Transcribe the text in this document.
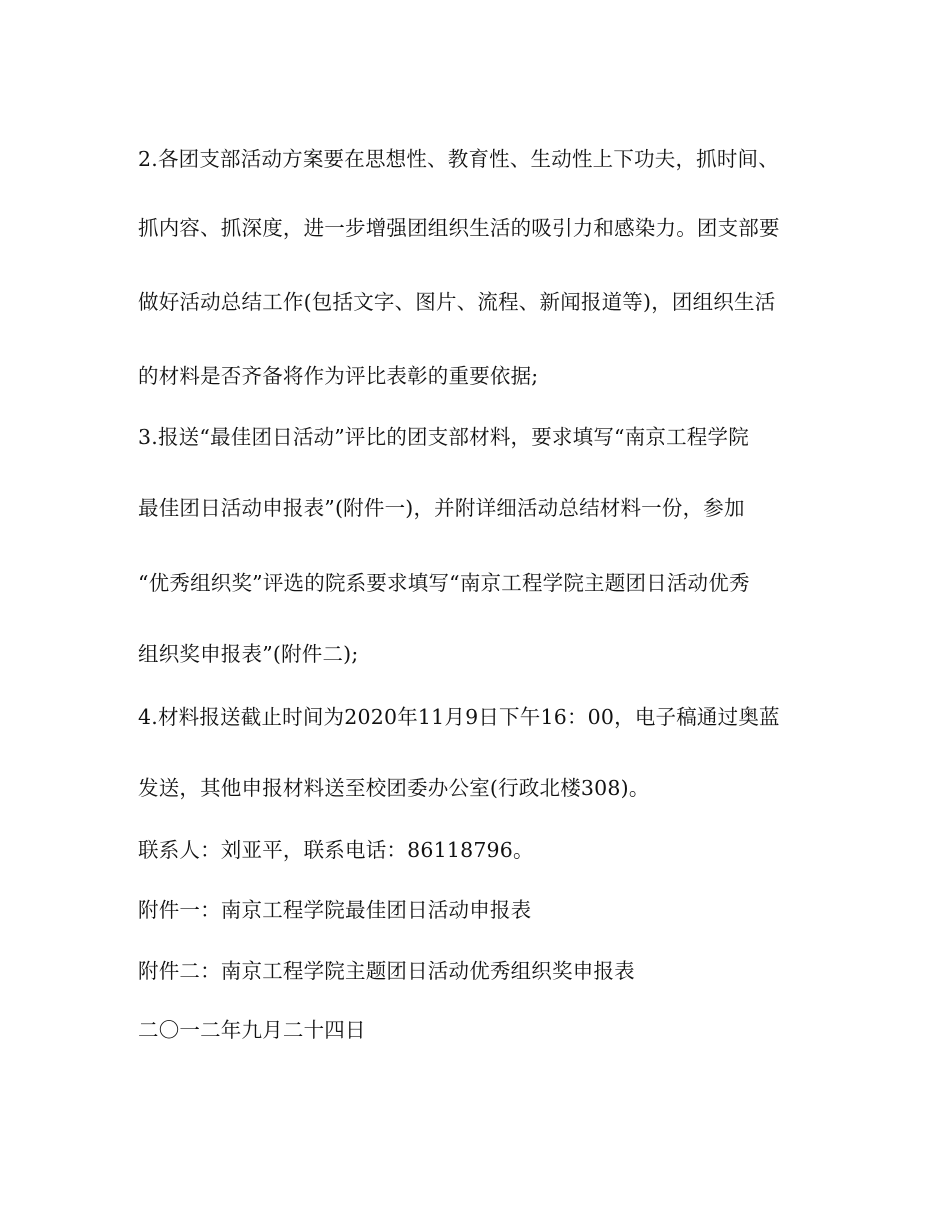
2.各团支部活动方案要在思想性、教育性、生动性上下功夫，抓时间、
抓内容、抓深度，进一步增强团组织生活的吸引力和感染力。团支部要
做好活动总结工作(包括文字、图片、流程、新闻报道等)，团组织生活
的材料是否齐备将作为评比表彰的重要依据;
3.报送“最佳团日活动”评比的团支部材料，要求填写“南京工程学院
最佳团日活动申报表”(附件一)，并附详细活动总结材料一份，参加
“优秀组织奖”评选的院系要求填写“南京工程学院主题团日活动优秀
组织奖申报表”(附件二);
4.材料报送截止时间为2020年11月9日下午16：00，电子稿通过奥蓝
发送，其他申报材料送至校团委办公室(行政北楼308)。
联系人：刘亚平，联系电话：86118796。
附件一：南京工程学院最佳团日活动申报表
附件二：南京工程学院主题团日活动优秀组织奖申报表
二〇一二年九月二十四日
